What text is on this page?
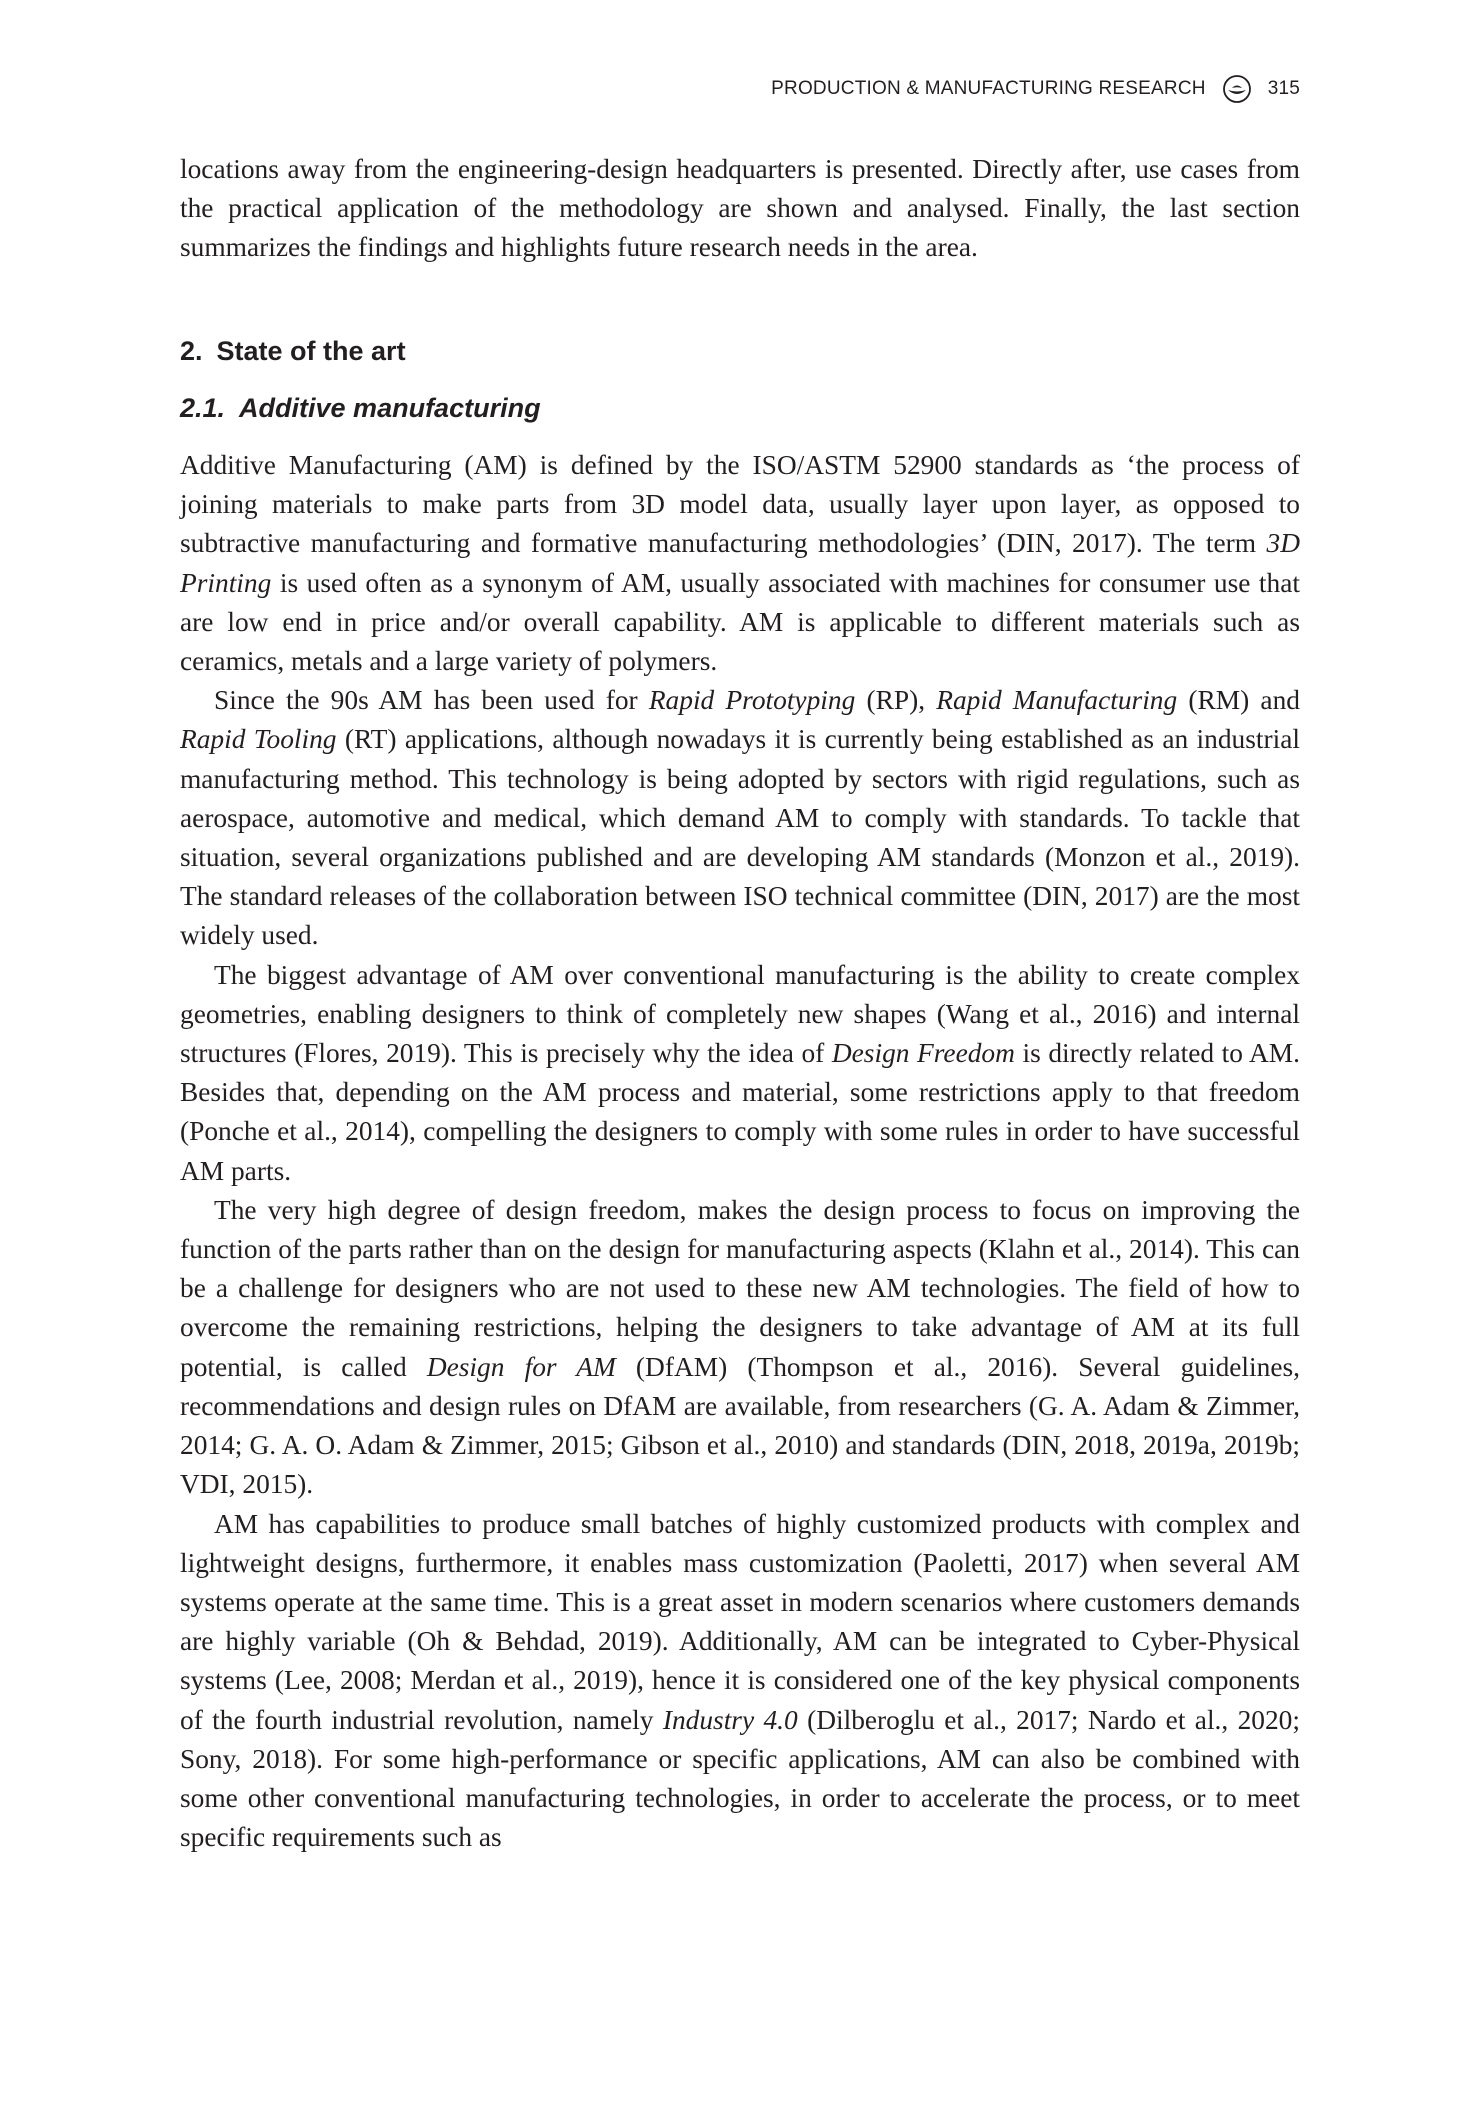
PRODUCTION & MANUFACTURING RESEARCH	315

locations away from the engineering-design headquarters is presented. Directly after, use cases from the practical application of the methodology are shown and analysed. Finally, the last section summarizes the findings and highlights future research needs in the area.

2. State of the art
2.1. Additive manufacturing

Additive Manufacturing (AM) is defined by the ISO/ASTM 52900 standards as ‘the process of joining materials to make parts from 3D model data, usually layer upon layer, as opposed to subtractive manufacturing and formative manufacturing methodologies’ (DIN, 2017). The term 3D Printing is used often as a synonym of AM, usually associated with machines for consumer use that are low end in price and/or overall capability. AM is applicable to different materials such as ceramics, metals and a large variety of polymers.

Since the 90s AM has been used for Rapid Prototyping (RP), Rapid Manufacturing (RM) and Rapid Tooling (RT) applications, although nowadays it is currently being established as an industrial manufacturing method. This technology is being adopted by sectors with rigid regulations, such as aerospace, automotive and medical, which demand AM to comply with standards. To tackle that situation, several organizations published and are developing AM standards (Monzon et al., 2019). The standard releases of the collaboration between ISO technical committee (DIN, 2017) are the most widely used.

The biggest advantage of AM over conventional manufacturing is the ability to create complex geometries, enabling designers to think of completely new shapes (Wang et al., 2016) and internal structures (Flores, 2019). This is precisely why the idea of Design Freedom is directly related to AM. Besides that, depending on the AM process and material, some restrictions apply to that freedom (Ponche et al., 2014), compelling the designers to comply with some rules in order to have successful AM parts.

The very high degree of design freedom, makes the design process to focus on improving the function of the parts rather than on the design for manufacturing aspects (Klahn et al., 2014). This can be a challenge for designers who are not used to these new AM technologies. The field of how to overcome the remaining restrictions, helping the designers to take advantage of AM at its full potential, is called Design for AM (DfAM) (Thompson et al., 2016). Several guidelines, recommendations and design rules on DfAM are available, from researchers (G. A. Adam & Zimmer, 2014; G. A. O. Adam & Zimmer, 2015; Gibson et al., 2010) and standards (DIN, 2018, 2019a, 2019b; VDI, 2015).

AM has capabilities to produce small batches of highly customized products with complex and lightweight designs, furthermore, it enables mass customization (Paoletti, 2017) when several AM systems operate at the same time. This is a great asset in modern scenarios where customers demands are highly variable (Oh & Behdad, 2019). Additionally, AM can be integrated to Cyber-Physical systems (Lee, 2008; Merdan et al., 2019), hence it is considered one of the key physical components of the fourth industrial revolution, namely Industry 4.0 (Dilberoglu et al., 2017; Nardo et al., 2020; Sony, 2018). For some high-performance or specific applications, AM can also be combined with some other conventional manufacturing technologies, in order to accelerate the process, or to meet specific requirements such as
